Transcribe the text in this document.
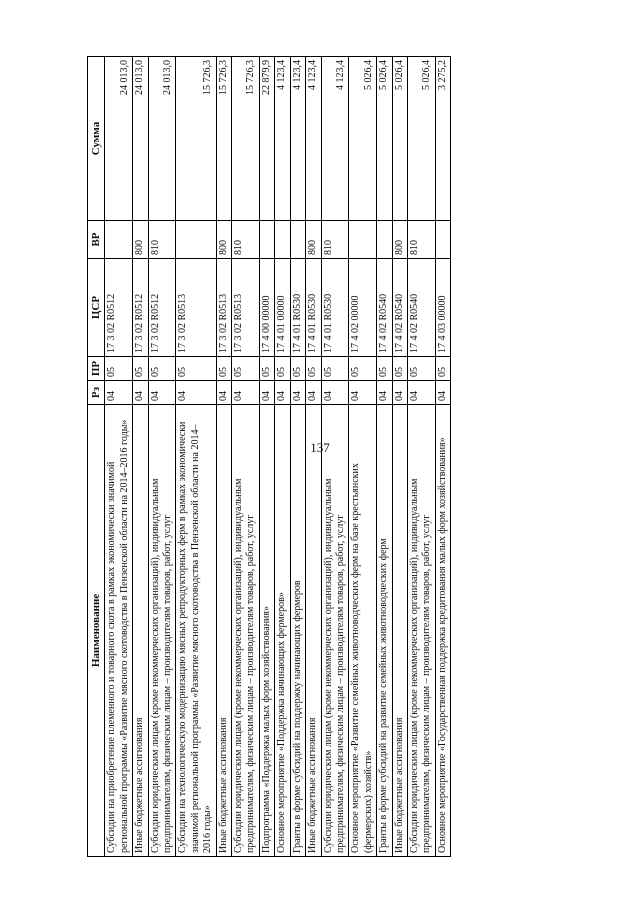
137
Наименование	Рз	ПР	ЦСР	ВР	Сумма
Субсидии на приобретение племенного и товарного скота в рамках экономически значимой региональной программы «Развитие мясного скотоводства в Пензенской области на 2014–2016 годы»	04	05	17 3 02 R0512		24 013,0
Иные бюджетные ассигнования	04	05	17 3 02 R0512	800	24 013,0
Субсидии юридическим лицам (кроме некоммерческих организаций), индивидуальным предпринимателям, физическим лицам – производителям товаров, работ, услуг	04	05	17 3 02 R0512	810	24 013,0
Субсидии на технологическую модернизацию мясных репродукторных ферм в рамках экономически значимой региональной программы «Развитие мясного скотоводства в Пензенской области на 2014–2016 годы»	04	05	17 3 02 R0513		15 726,3
Иные бюджетные ассигнования	04	05	17 3 02 R0513	800	15 726,3
Субсидии юридическим лицам (кроме некоммерческих организаций), индивидуальным предпринимателям, физическим лицам – производителям товаров, работ, услуг	04	05	17 3 02 R0513	810	15 726,3
Подпрограмма «Поддержка малых форм хозяйствования»	04	05	17 4 00 00000		22 879,9
Основное мероприятие «Поддержка начинающих фермеров»	04	05	17 4 01 00000		4 123,4
Гранты в форме субсидий на поддержку начинающих фермеров	04	05	17 4 01 R0530		4 123,4
Иные бюджетные ассигнования	04	05	17 4 01 R0530	800	4 123,4
Субсидии юридическим лицам (кроме некоммерческих организаций), индивидуальным предпринимателям, физическим лицам – производителям товаров, работ, услуг	04	05	17 4 01 R0530	810	4 123,4
Основное мероприятие «Развитие семейных животноводческих ферм на базе крестьянских (фермерских) хозяйств»	04	05	17 4 02 00000		5 026,4
Гранты в форме субсидий на развитие семейных животноводческих ферм	04	05	17 4 02 R0540		5 026,4
Иные бюджетные ассигнования	04	05	17 4 02 R0540	800	5 026,4
Субсидии юридическим лицам (кроме некоммерческих организаций), индивидуальным предпринимателям, физическим лицам – производителям товаров, работ, услуг	04	05	17 4 02 R0540	810	5 026,4
Основное мероприятие «Государственная поддержка кредитования малых форм хозяйствования»	04	05	17 4 03 00000		3 275,2
